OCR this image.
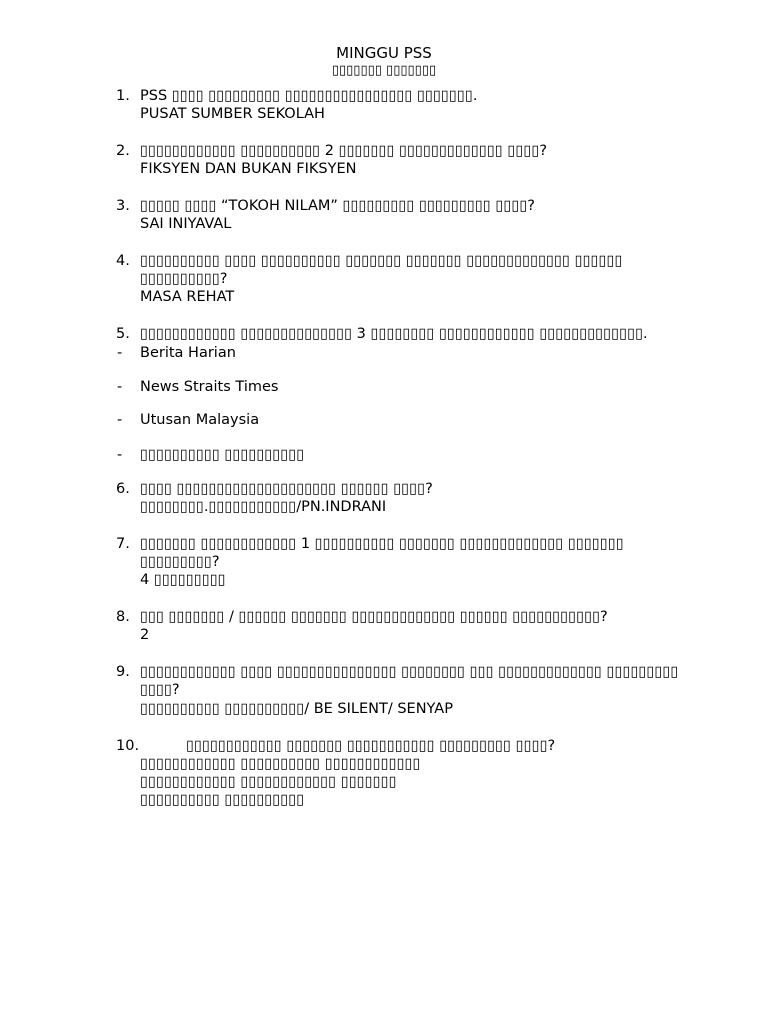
MINGGU PSS
▯▯▯▯▯▯▯ ▯▯▯▯▯▯▯
1. PSS ▯▯▯▯ ▯▯▯▯▯▯▯▯▯ ▯▯▯▯▯▯▯▯▯▯▯▯▯▯▯▯ ▯▯▯▯▯▯▯.
PUSAT SUMBER SEKOLAH
2. ▯▯▯▯▯▯▯▯▯▯▯▯ ▯▯▯▯▯▯▯▯▯▯ 2 ▯▯▯▯▯▯▯ ▯▯▯▯▯▯▯▯▯▯▯▯▯ ▯▯▯▯?
FIKSYEN DAN BUKAN FIKSYEN
3. ▯▯▯▯▯ ▯▯▯▯ “TOKOH NILAM” ▯▯▯▯▯▯▯▯▯ ▯▯▯▯▯▯▯▯▯ ▯▯▯▯?
SAI INIYAVAL
4. ▯▯▯▯▯▯▯▯▯▯ ▯▯▯▯ ▯▯▯▯▯▯▯▯▯▯ ▯▯▯▯▯▯▯ ▯▯▯▯▯▯▯ ▯▯▯▯▯▯▯▯▯▯▯▯▯ ▯▯▯▯▯▯
▯▯▯▯▯▯▯▯▯▯?
MASA REHAT
5. ▯▯▯▯▯▯▯▯▯▯▯▯ ▯▯▯▯▯▯▯▯▯▯▯▯▯▯ 3 ▯▯▯▯▯▯▯▯ ▯▯▯▯▯▯▯▯▯▯▯▯ ▯▯▯▯▯▯▯▯▯▯▯▯▯.
- Berita Harian
- News Straits Times
- Utusan Malaysia
- ▯▯▯▯▯▯▯▯▯▯ ▯▯▯▯▯▯▯▯▯▯
6. ▯▯▯▯ ▯▯▯▯▯▯▯▯▯▯▯▯▯▯▯▯▯▯▯▯ ▯▯▯▯▯▯ ▯▯▯▯?
▯▯▯▯▯▯▯▯.▯▯▯▯▯▯▯▯▯▯▯/PN.INDRANI
7. ▯▯▯▯▯▯▯ ▯▯▯▯▯▯▯▯▯▯▯▯ 1 ▯▯▯▯▯▯▯▯▯▯ ▯▯▯▯▯▯▯ ▯▯▯▯▯▯▯▯▯▯▯▯▯ ▯▯▯▯▯▯▯
▯▯▯▯▯▯▯▯▯?
4 ▯▯▯▯▯▯▯▯▯
8. ▯▯▯ ▯▯▯▯▯▯▯ / ▯▯▯▯▯▯ ▯▯▯▯▯▯▯ ▯▯▯▯▯▯▯▯▯▯▯▯▯ ▯▯▯▯▯▯ ▯▯▯▯▯▯▯▯▯▯▯?
2
9. ▯▯▯▯▯▯▯▯▯▯▯▯ ▯▯▯▯ ▯▯▯▯▯▯▯▯▯▯▯▯▯▯▯ ▯▯▯▯▯▯▯▯ ▯▯▯ ▯▯▯▯▯▯▯▯▯▯▯▯▯ ▯▯▯▯▯▯▯▯▯
▯▯▯▯?
▯▯▯▯▯▯▯▯▯▯ ▯▯▯▯▯▯▯▯▯▯/ BE SILENT/ SENYAP
10.	▯▯▯▯▯▯▯▯▯▯▯▯ ▯▯▯▯▯▯▯ ▯▯▯▯▯▯▯▯▯▯▯ ▯▯▯▯▯▯▯▯▯ ▯▯▯▯?
▯▯▯▯▯▯▯▯▯▯▯▯ ▯▯▯▯▯▯▯▯▯▯ ▯▯▯▯▯▯▯▯▯▯▯▯
▯▯▯▯▯▯▯▯▯▯▯▯ ▯▯▯▯▯▯▯▯▯▯▯▯ ▯▯▯▯▯▯▯
▯▯▯▯▯▯▯▯▯▯ ▯▯▯▯▯▯▯▯▯▯
